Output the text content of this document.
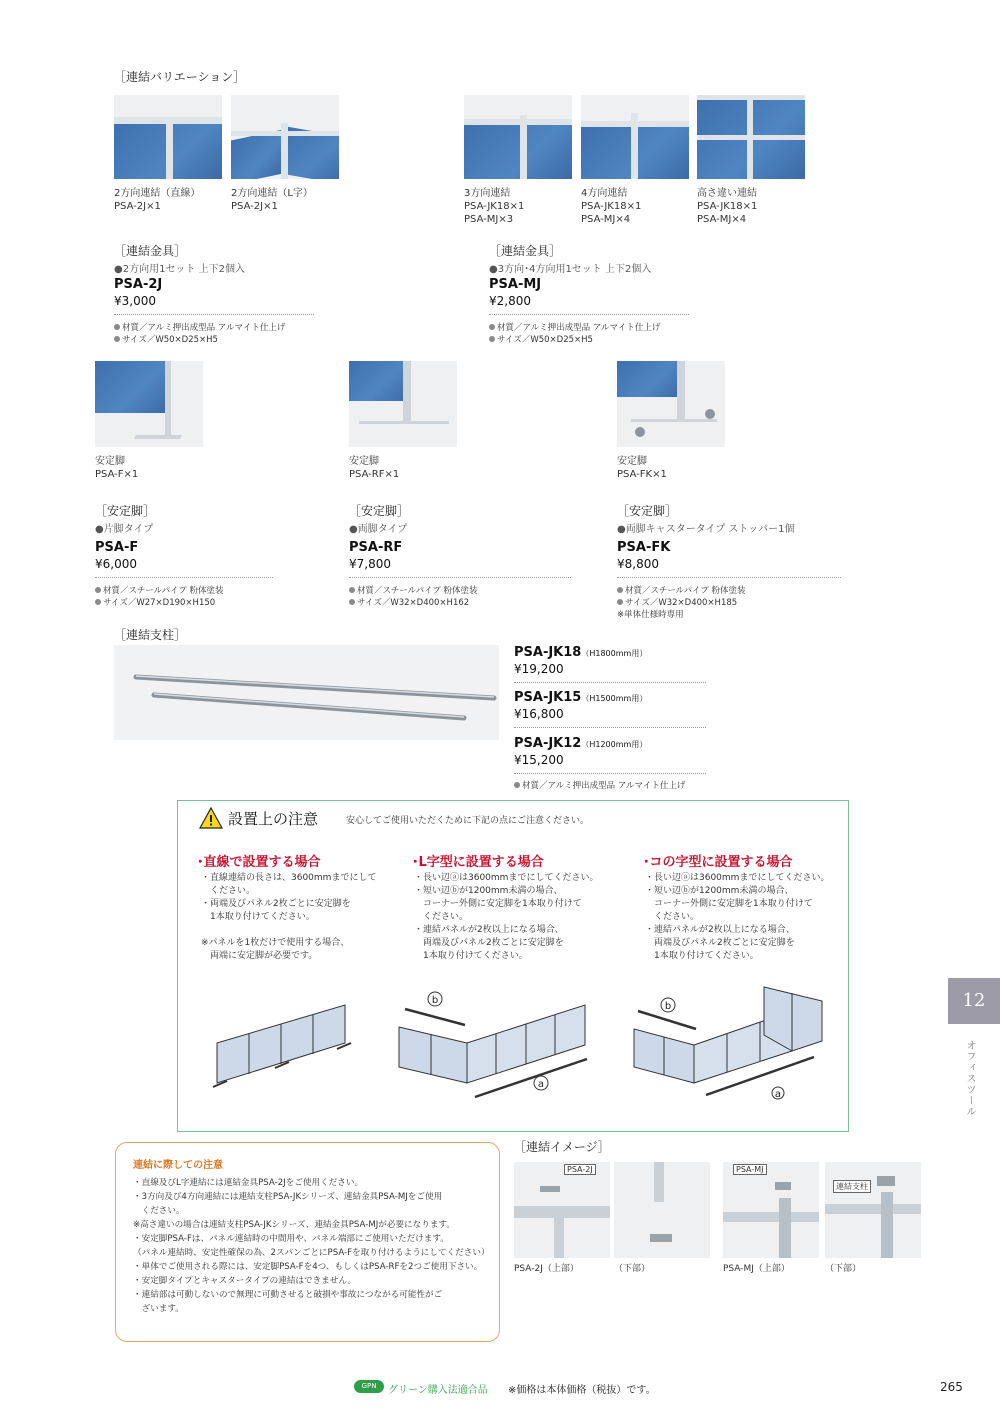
［連結バリエーション］
2方向連結（直線）
PSA-2J×1
2方向連結（L字）
PSA-2J×1
3方向連結
PSA-JK18×1
PSA-MJ×3
4方向連結
PSA-JK18×1
PSA-MJ×4
高さ違い連結
PSA-JK18×1
PSA-MJ×4
［連結金具］
●2方向用1セット 上下2個入
PSA-2J
¥3,000
材質／アルミ押出成型品 アルマイト仕上げ
サイズ／W50×D25×H5
［連結金具］
●3方向･4方向用1セット 上下2個入
PSA-MJ
¥2,800
材質／アルミ押出成型品 アルマイト仕上げ
サイズ／W50×D25×H5
安定脚
PSA-F×1
安定脚
PSA-RF×1
安定脚
PSA-FK×1
［安定脚］
●片脚タイプ
PSA-F
¥6,000
材質／スチールパイプ 粉体塗装
サイズ／W27×D190×H150
［安定脚］
●両脚タイプ
PSA-RF
¥7,800
材質／スチールパイプ 粉体塗装
サイズ／W32×D400×H162
［安定脚］
●両脚キャスタータイプ ストッパー1個
PSA-FK
¥8,800
材質／スチールパイプ 粉体塗装
サイズ／W32×D400×H185
※単体仕様時専用
［連結支柱］
PSA-JK18（H1800mm用）
¥19,200
PSA-JK15（H1500mm用）
¥16,800
PSA-JK12（H1200mm用）
¥15,200
材質／アルミ押出成型品 アルマイト仕上げ
設置上の注意	安心してご使用いただくために下記の点にご注意ください。
･直線で設置する場合
・直線連結の長さは、3600mmまでにして
　ください。
・両端及びパネル2枚ごとに安定脚を
　1本取り付けてください。

※パネルを1枚だけで使用する場合、
　両端に安定脚が必要です。
･L字型に設置する場合
・長い辺ⓐは3600mmまでにしてください。
・短い辺ⓑが1200mm未満の場合、
　コーナー外側に安定脚を1本取り付けて
　ください。
・連結パネルが2枚以上になる場合、
　両端及びパネル2枚ごとに安定脚を
　1本取り付けてください。
･コの字型に設置する場合
・長い辺ⓐは3600mmまでにしてください。
・短い辺ⓑが1200mm未満の場合、
　コーナー外側に安定脚を1本取り付けて
　ください。
・連結パネルが2枚以上になる場合、
　両端及びパネル2枚ごとに安定脚を
　1本取り付けてください。
b
a
b
a
12
オフィスツール
連結に際しての注意
・直線及びL字連結には連結金具PSA-2Jをご使用ください。
・3方向及び4方向連結には連結支柱PSA-JKシリーズ、連結金具PSA-MJをご使用
　ください。
※高さ違いの場合は連結支柱PSA-JKシリーズ、連結金具PSA-MJが必要になります。
・安定脚PSA-Fは、パネル連結時の中間用や、パネル端部にご使用いただけます。
（パネル連結時、安定性確保の為、2スパンごとにPSA-Fを取り付けるようにしてください）
・単体でご使用される際には、安定脚PSA-Fを4つ、もしくはPSA-RFを2つご使用下さい。
・安定脚タイプとキャスタータイプの連結はできません。
・連結部は可動しないので無理に可動させると破損や事故につながる可能性がご
　ざいます。
［連結イメージ］
PSA-2J	PSA-MJ
連結支柱
PSA-2J（上部）	（下部）	PSA-MJ（上部）	（下部）
GPN	グリーン購入法適合品 ※価格は本体価格（税抜）です。	265
